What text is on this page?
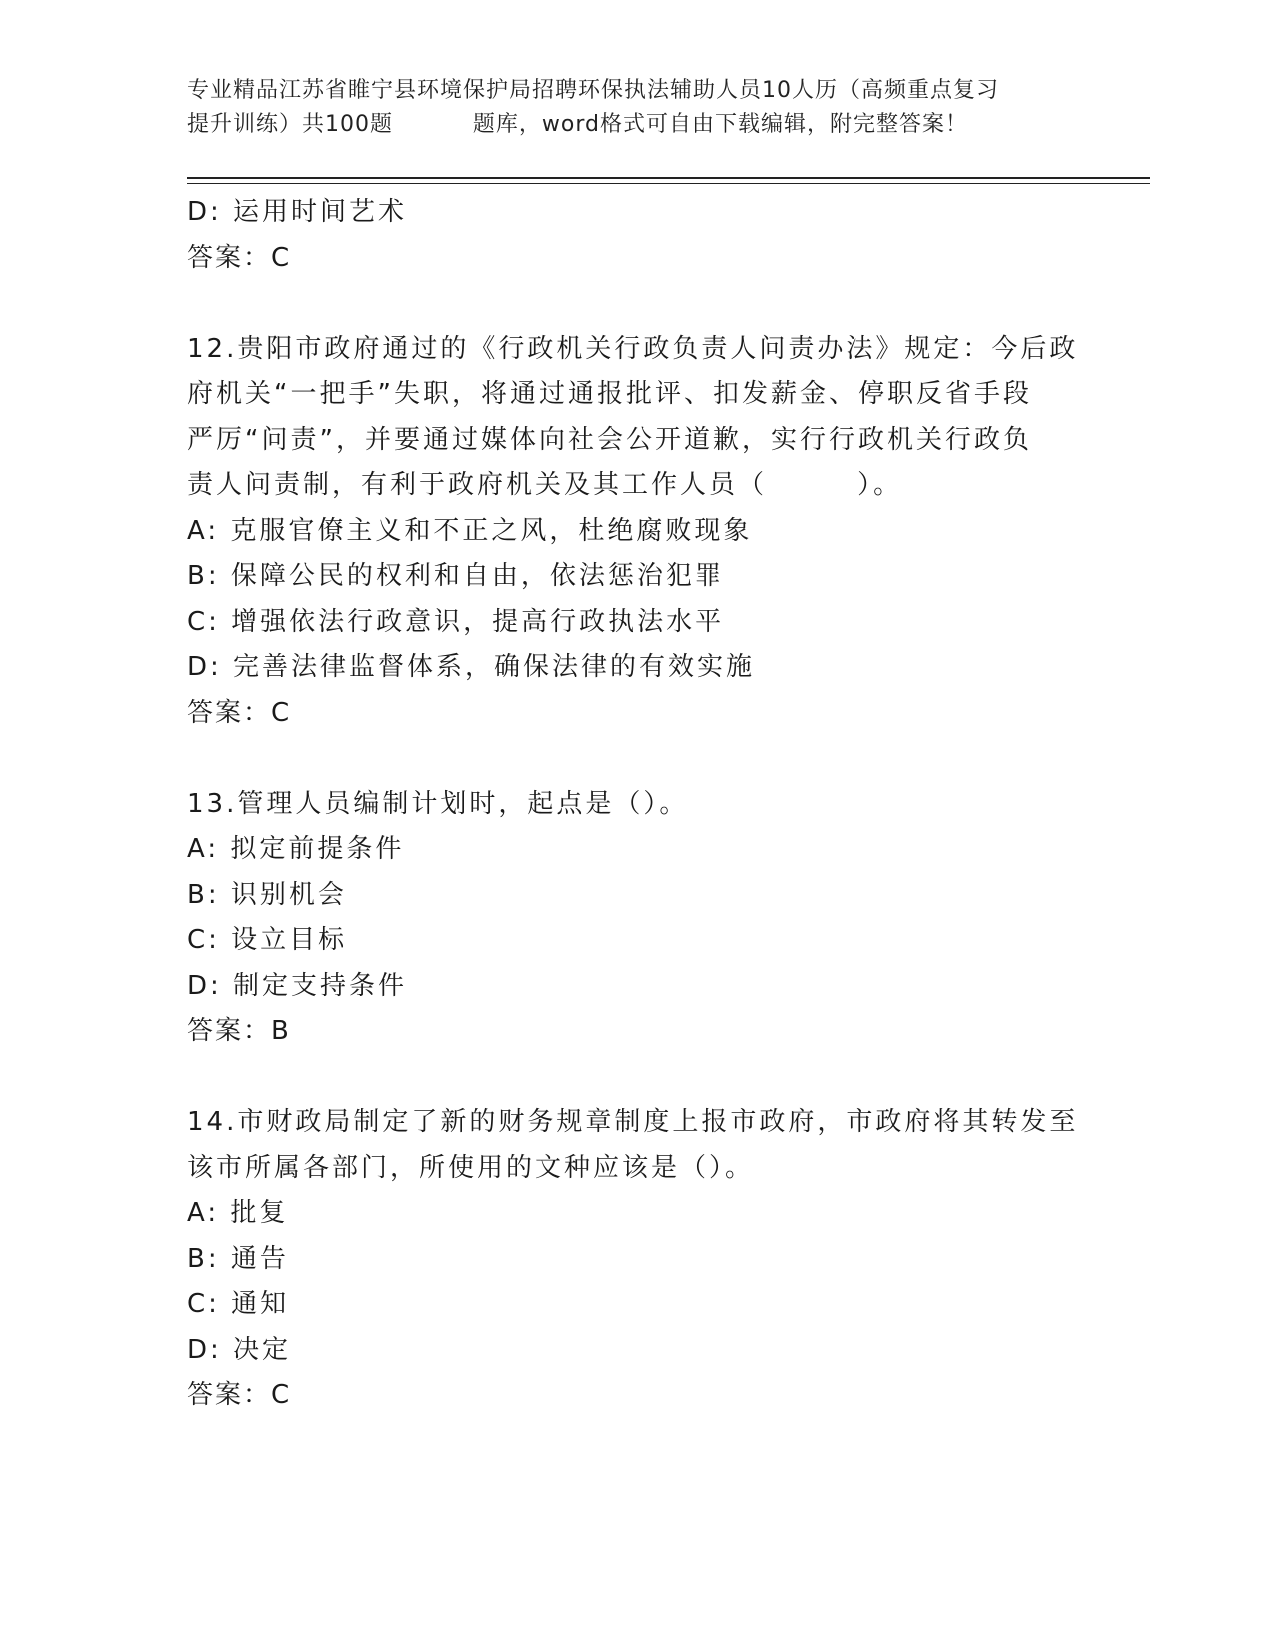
专业精品江苏省睢宁县环境保护局招聘环保执法辅助人员10人历（高频重点复习
提升训练）共100题          题库，word格式可自由下载编辑，附完整答案！
D: 运用时间艺术
答案：C
12.贵阳市政府通过的《行政机关行政负责人问责办法》规定：今后政
府机关“一把手”失职，将通过通报批评、扣发薪金、停职反省手段
严厉“问责”，并要通过媒体向社会公开道歉，实行行政机关行政负
责人问责制，有利于政府机关及其工作人员（        ）。
A: 克服官僚主义和不正之风，杜绝腐败现象
B: 保障公民的权利和自由，依法惩治犯罪
C: 增强依法行政意识，提高行政执法水平
D: 完善法律监督体系，确保法律的有效实施
答案：C
13.管理人员编制计划时，起点是（）。
A: 拟定前提条件
B: 识别机会
C: 设立目标
D: 制定支持条件
答案：B
14.市财政局制定了新的财务规章制度上报市政府，市政府将其转发至
该市所属各部门，所使用的文种应该是（）。
A: 批复
B: 通告
C: 通知
D: 决定
答案：C
